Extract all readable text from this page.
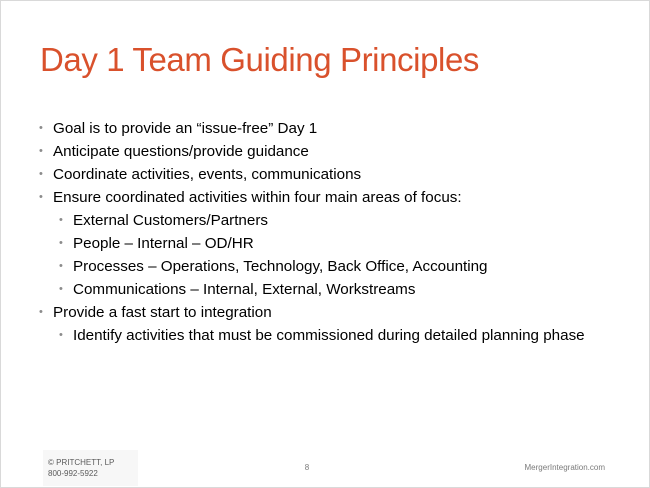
Day 1 Team Guiding Principles
• Goal is to provide an “issue-free” Day 1
• Anticipate questions/provide guidance
• Coordinate activities, events, communications
• Ensure coordinated activities within four main areas of focus:
• External Customers/Partners
• People – Internal – OD/HR
• Processes – Operations, Technology, Back Office, Accounting
• Communications – Internal, External, Workstreams
• Provide a fast start to integration
• Identify activities that must be commissioned during detailed planning phase
© PRITCHETT, LP
800-992-5922
8	MergerIntegration.com
